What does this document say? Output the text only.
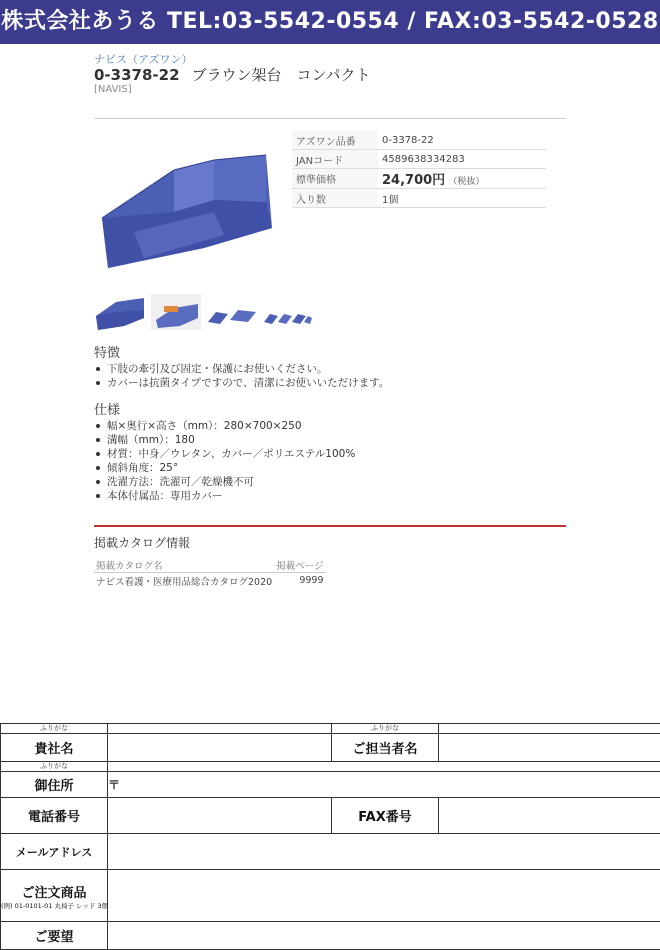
株式会社あうる TEL:03-5542-0554 / FAX:03-5542-0528
ナビス（アズワン）
0-3378-22 ブラウン架台　コンパクト
[NAVIS]
アズワン品番	0-3378-22
JANコード	4589638334283
標準価格	24,700円 （税抜）
入り数	1個
特徴
下肢の牽引及び固定・保護にお使いください。
カバーは抗菌タイプですので、清潔にお使いいただけます。
仕様
幅×奥行×高さ（mm）：280×700×250
溝幅（mm）：180
材質：中身／ウレタン、カバー／ポリエステル100%
傾斜角度：25°
洗濯方法：洗濯可／乾燥機不可
本体付属品：専用カバー
掲載カタログ情報
掲載カタログ名	掲載ページ
ナビス看護・医療用品総合カタログ2020	9999
ふりがな		ふりがな	
貴社名		ご担当者名	
ふりがな			
御住所	〒		
電話番号		FAX番号	
メールアドレス			

ご注文商品
(例) 01-0101-01 丸椅子 レッド 3個			

ご要望			
